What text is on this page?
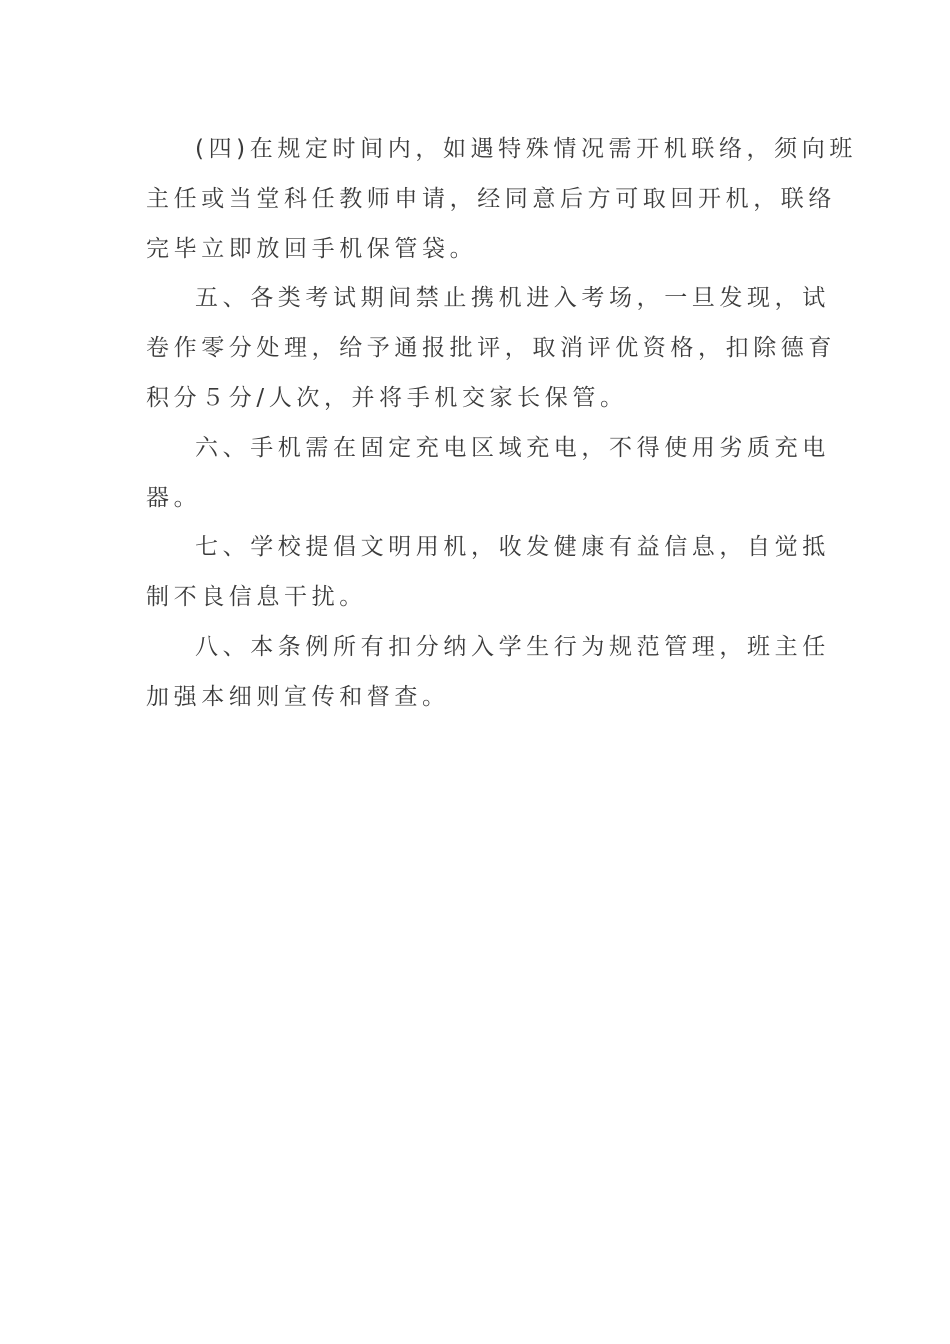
(四)在规定时间内，如遇特殊情况需开机联络，须向班
主任或当堂科任教师申请，经同意后方可取回开机，联络
完毕立即放回手机保管袋。
五、各类考试期间禁止携机进入考场，一旦发现，试
卷作零分处理，给予通报批评，取消评优资格，扣除德育
积分５分/人次，并将手机交家长保管。
六、手机需在固定充电区域充电，不得使用劣质充电
器。
七、学校提倡文明用机，收发健康有益信息，自觉抵
制不良信息干扰。
八、本条例所有扣分纳入学生行为规范管理，班主任
加强本细则宣传和督查。
